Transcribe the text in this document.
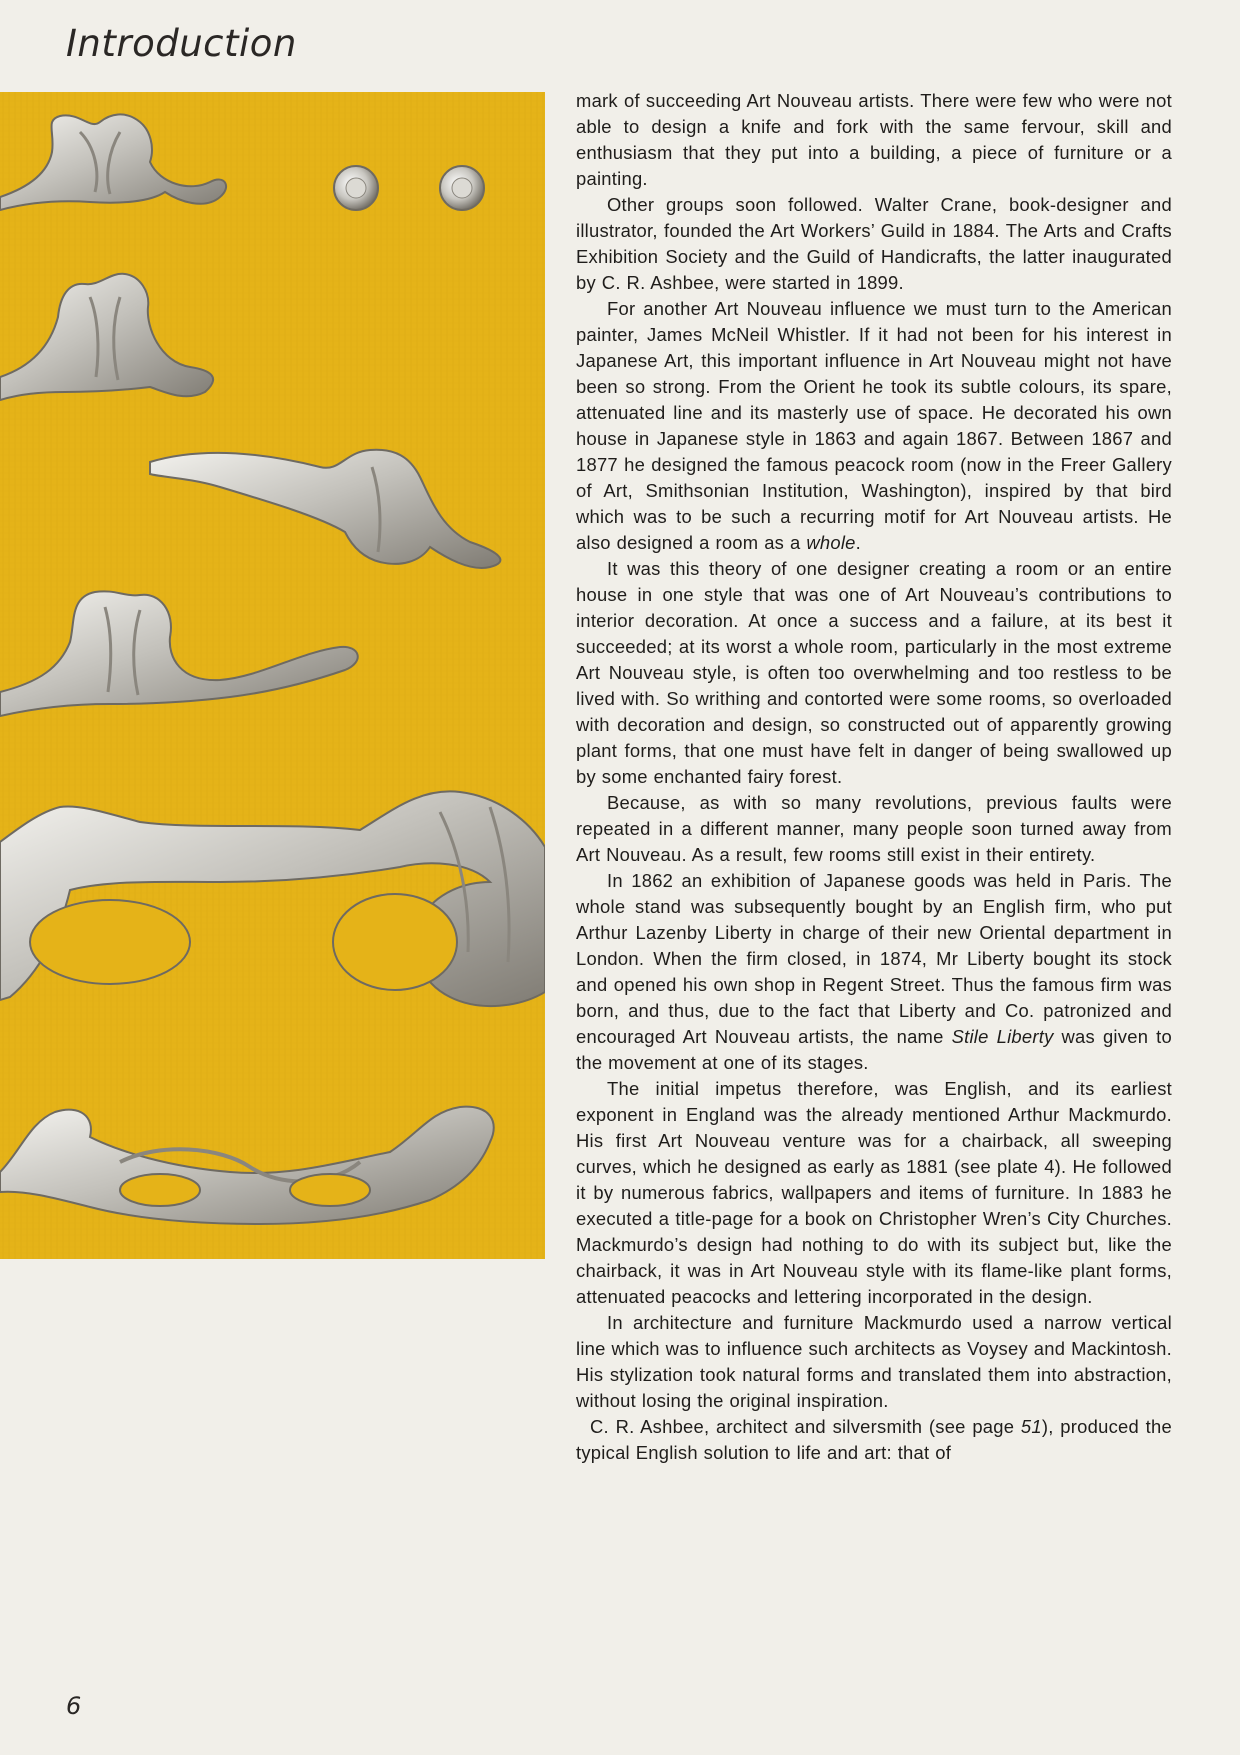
Introduction

mark of succeeding Art Nouveau artists. There were few who were not able to design a knife and fork with the same fervour, skill and enthusiasm that they put into a building, a piece of furniture or a painting.

Other groups soon followed. Walter Crane, book-designer and illustrator, founded the Art Workers’ Guild in 1884. The Arts and Crafts Exhibition Society and the Guild of Handicrafts, the latter inaugurated by C. R. Ashbee, were started in 1899.

For another Art Nouveau influence we must turn to the American painter, James McNeil Whistler. If it had not been for his interest in Japanese Art, this important influence in Art Nouveau might not have been so strong. From the Orient he took its subtle colours, its spare, attenuated line and its masterly use of space. He decorated his own house in Japanese style in 1863 and again 1867. Between 1867 and 1877 he designed the famous peacock room (now in the Freer Gallery of Art, Smithsonian Institution, Washington), inspired by that bird which was to be such a recurring motif for Art Nouveau artists. He also designed a room as a whole.

It was this theory of one designer creating a room or an entire house in one style that was one of Art Nouveau’s contributions to interior decoration. At once a success and a failure, at its best it succeeded; at its worst a whole room, particularly in the most extreme Art Nouveau style, is often too overwhelming and too restless to be lived with. So writhing and contorted were some rooms, so overloaded with decoration and design, so constructed out of apparently growing plant forms, that one must have felt in danger of being swallowed up by some enchanted fairy forest.

Because, as with so many revolutions, previous faults were repeated in a different manner, many people soon turned away from Art Nouveau. As a result, few rooms still exist in their entirety.

In 1862 an exhibition of Japanese goods was held in Paris. The whole stand was subsequently bought by an English firm, who put Arthur Lazenby Liberty in charge of their new Oriental department in London. When the firm closed, in 1874, Mr Liberty bought its stock and opened his own shop in Regent Street. Thus the famous firm was born, and thus, due to the fact that Liberty and Co. patronized and encouraged Art Nouveau artists, the name Stile Liberty was given to the movement at one of its stages.

The initial impetus therefore, was English, and its earliest exponent in England was the already mentioned Arthur Mackmurdo. His first Art Nouveau venture was for a chairback, all sweeping curves, which he designed as early as 1881 (see plate 4). He followed it by numerous fabrics, wallpapers and items of furniture. In 1883 he executed a title-page for a book on Christopher Wren’s City Churches. Mackmurdo’s design had nothing to do with its subject but, like the chairback, it was in Art Nouveau style with its flame-like plant forms, attenuated peacocks and lettering incorporated in the design.

In architecture and furniture Mackmurdo used a narrow vertical line which was to influence such architects as Voysey and Mackintosh. His stylization took natural forms and translated them into abstraction, without losing the original inspiration.

C. R. Ashbee, architect and silversmith (see page 51), produced the typical English solution to life and art: that of

6
